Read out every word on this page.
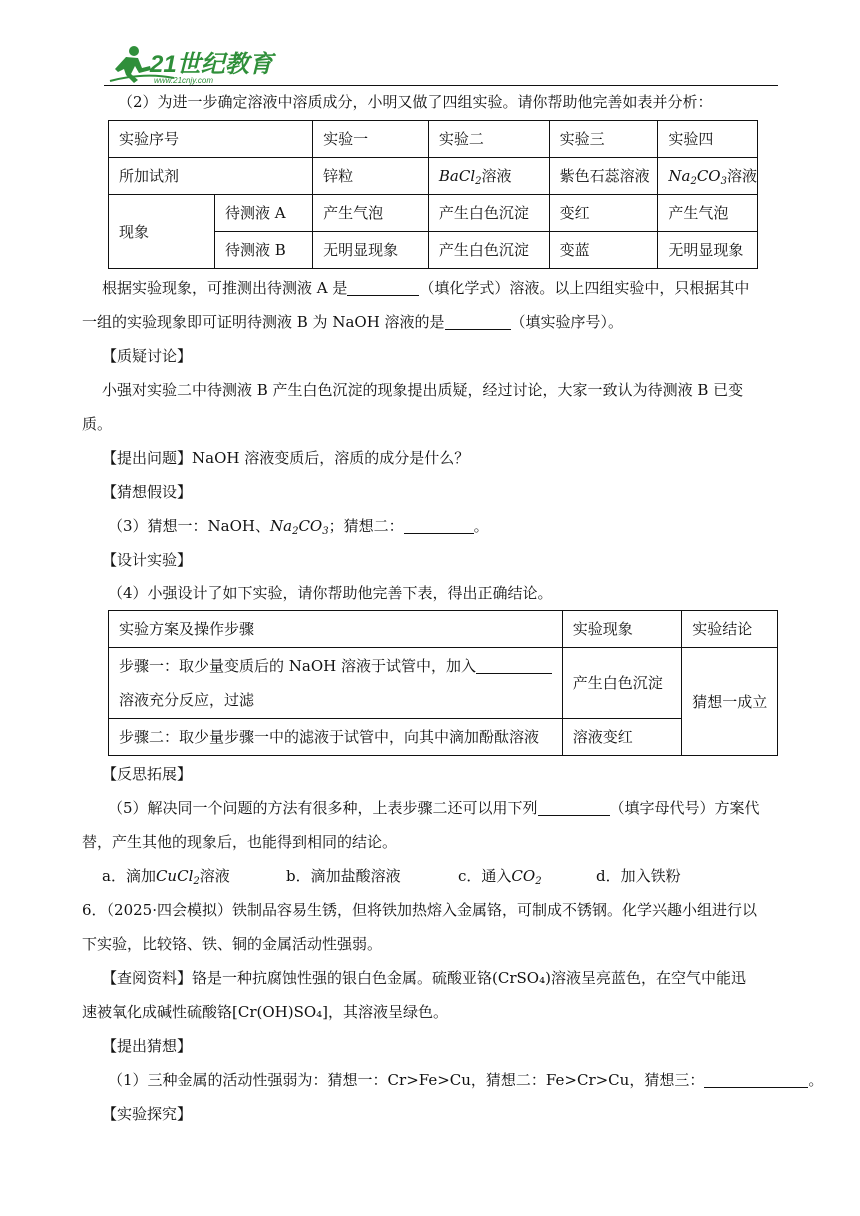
21世纪教育
www.21cnjy.com
（2）为进一步确定溶液中溶质成分，小明又做了四组实验。请你帮助他完善如表并分析：
实验序号		实验一	实验二	实验三	实验四
所加试剂		锌粒	BaCl$_2$溶液	紫色石蕊溶液	$Na_2CO_3$溶液
现象	待测液 A	产生气泡	产生白色沉淀	变红	产生气泡
	待测液 B	无明显现象	产生白色沉淀	变蓝	无明显现象
根据实验现象，可推测出待测液 A 是	（填化学式）溶液。以上四组实验中，只根据其中
一组的实验现象即可证明待测液 B 为 NaOH 溶液的是	（填实验序号）。
【质疑讨论】
小强对实验二中待测液 B 产生白色沉淀的现象提出质疑，经过讨论，大家一致认为待测液 B 已变
质。
【提出问题】NaOH 溶液变质后，溶质的成分是什么？
【猜想假设】
（3）猜想一：NaOH、$Na_2CO_3$；猜想二：	。
【设计实验】
（4）小强设计了如下实验，请你帮助他完善下表，得出正确结论。
实验方案及操作步骤	实验现象	实验结论
步骤一：取少量变质后的 NaOH 溶液于试管中，加入
溶液充分反应，过滤	产生白色沉淀	猜想一成立
步骤二：取少量步骤一中的滤液于试管中，向其中滴加酚酞溶液	溶液变红	
【反思拓展】
（5）解决同一个问题的方法有很多种，上表步骤二还可以用下列	（填字母代号）方案代
替，产生其他的现象后，也能得到相同的结论。
a．滴加CuCl$_2$溶液	b．滴加盐酸溶液	c．通入$CO_2$	d．加入铁粉
6．（2025·四会模拟）铁制品容易生锈，但将铁加热熔入金属铬，可制成不锈钢。化学兴趣小组进行以
下实验，比较铬、铁、铜的金属活动性强弱。
【查阅资料】铬是一种抗腐蚀性强的银白色金属。硫酸亚铬(CrSO₄)溶液呈亮蓝色，在空气中能迅
速被氧化成碱性硫酸铬[Cr(OH)SO₄]，其溶液呈绿色。
【提出猜想】
（1）三种金属的活动性强弱为：猜想一：Cr>Fe>Cu，猜想二：Fe>Cr>Cu，猜想三：	。
【实验探究】
